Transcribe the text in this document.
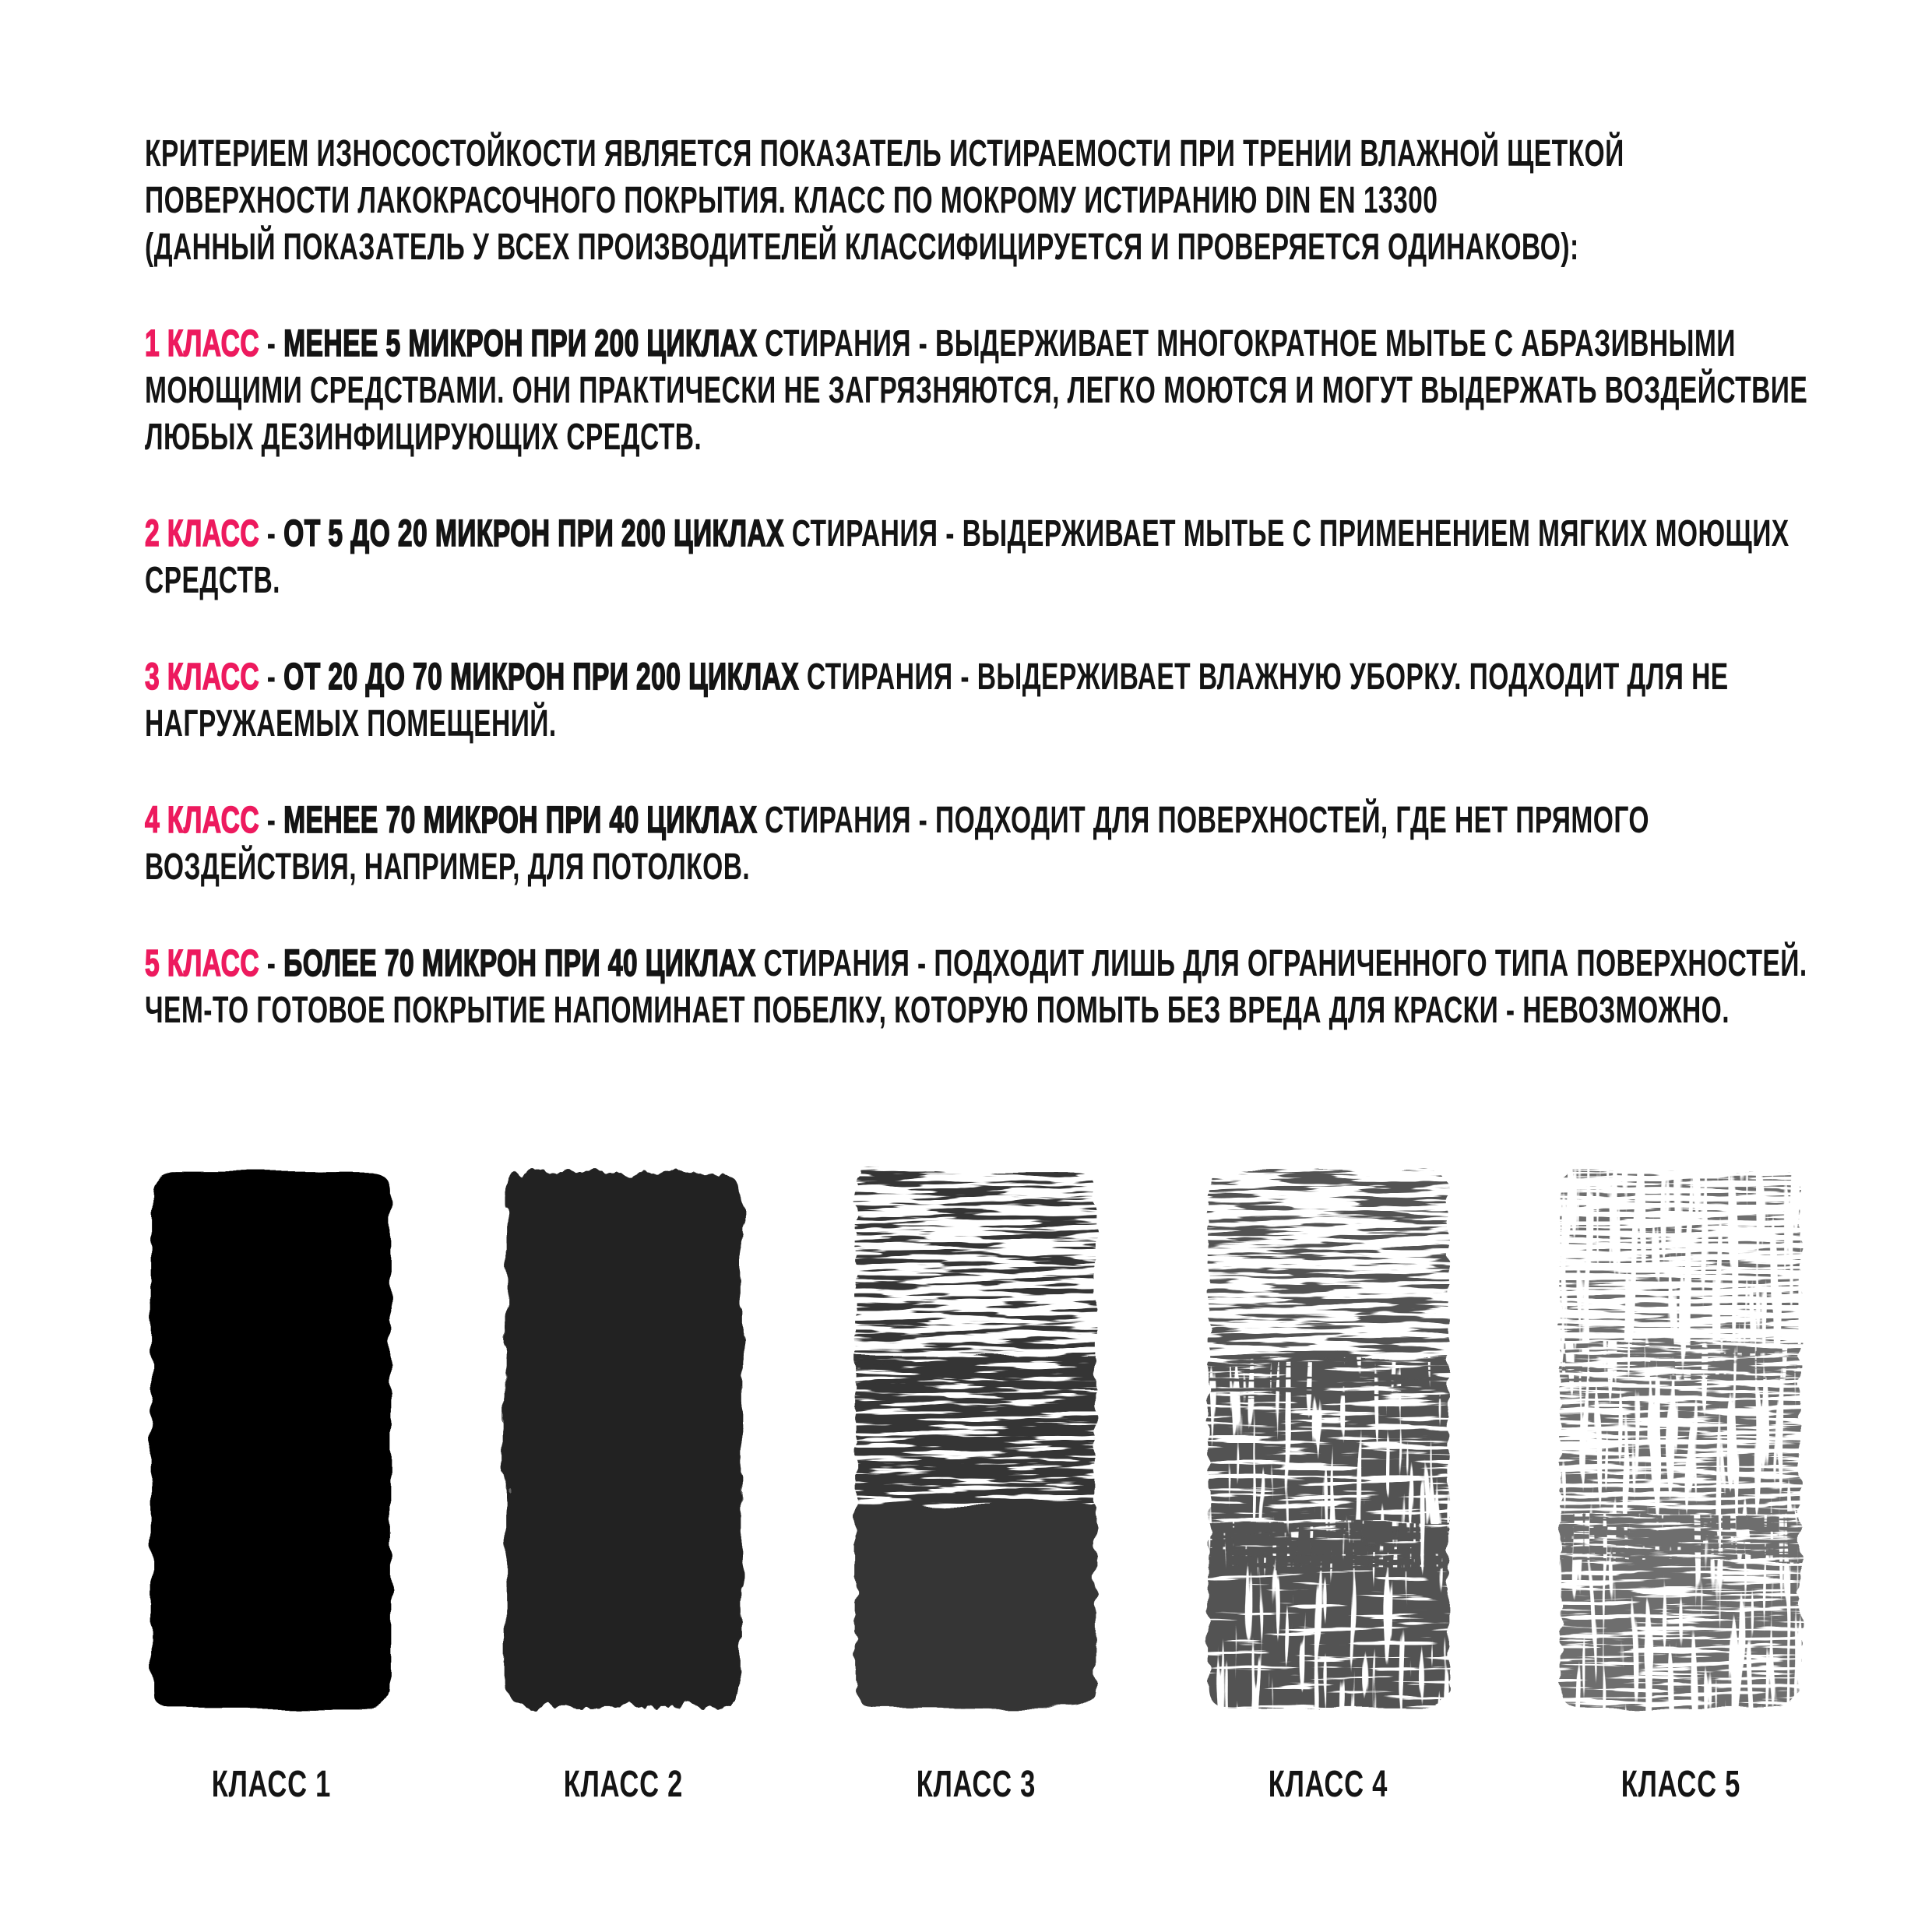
КРИТЕРИЕМ ИЗНОСОСТОЙКОСТИ ЯВЛЯЕТСЯ ПОКАЗАТЕЛЬ ИСТИРАЕМОСТИ ПРИ ТРЕНИИ ВЛАЖНОЙ ЩЕТКОЙ ПОВЕРХНОСТИ ЛАКОКРАСОЧНОГО ПОКРЫТИЯ. КЛАСС ПО МОКРОМУ ИСТИРАНИЮ DIN EN 13300
(ДАННЫЙ ПОКАЗАТЕЛЬ У ВСЕХ ПРОИЗВОДИТЕЛЕЙ КЛАССИФИЦИРУЕТСЯ И ПРОВЕРЯЕТСЯ ОДИНАКОВО):

1 КЛАСС - МЕНЕЕ 5 МИКРОН ПРИ 200 ЦИКЛАХ СТИРАНИЯ - ВЫДЕРЖИВАЕТ МНОГОКРАТНОЕ МЫТЬЕ С АБРАЗИВНЫМИ МОЮЩИМИ СРЕДСТВАМИ. ОНИ ПРАКТИЧЕСКИ НЕ ЗАГРЯЗНЯЮТСЯ, ЛЕГКО МОЮТСЯ И МОГУТ ВЫДЕРЖАТЬ ВОЗДЕЙСТВИЕ ЛЮБЫХ ДЕЗИНФИЦИРУЮЩИХ СРЕДСТВ.

2 КЛАСС - ОТ 5 ДО 20 МИКРОН ПРИ 200 ЦИКЛАХ СТИРАНИЯ - ВЫДЕРЖИВАЕТ МЫТЬЕ С ПРИМЕНЕНИЕМ МЯГКИХ МОЮЩИХ СРЕДСТВ.

3 КЛАСС - ОТ 20 ДО 70 МИКРОН ПРИ 200 ЦИКЛАХ СТИРАНИЯ - ВЫДЕРЖИВАЕТ ВЛАЖНУЮ УБОРКУ. ПОДХОДИТ ДЛЯ НЕ НАГРУЖАЕМЫХ ПОМЕЩЕНИЙ.

4 КЛАСС - МЕНЕЕ 70 МИКРОН ПРИ 40 ЦИКЛАХ СТИРАНИЯ - ПОДХОДИТ ДЛЯ ПОВЕРХНОСТЕЙ, ГДЕ НЕТ ПРЯМОГО ВОЗДЕЙСТВИЯ, НАПРИМЕР, ДЛЯ ПОТОЛКОВ.

5 КЛАСС - БОЛЕЕ 70 МИКРОН ПРИ 40 ЦИКЛАХ СТИРАНИЯ - ПОДХОДИТ ЛИШЬ ДЛЯ ОГРАНИЧЕННОГО ТИПА ПОВЕРХНОСТЕЙ. ЧЕМ-ТО ГОТОВОЕ ПОКРЫТИЕ НАПОМИНАЕТ ПОБЕЛКУ, КОТОРУЮ ПОМЫТЬ БЕЗ ВРЕДА ДЛЯ КРАСКИ - НЕВОЗМОЖНО.

КЛАСС 1	КЛАСС 2	КЛАСС 3	КЛАСС 4	КЛАСС 5
